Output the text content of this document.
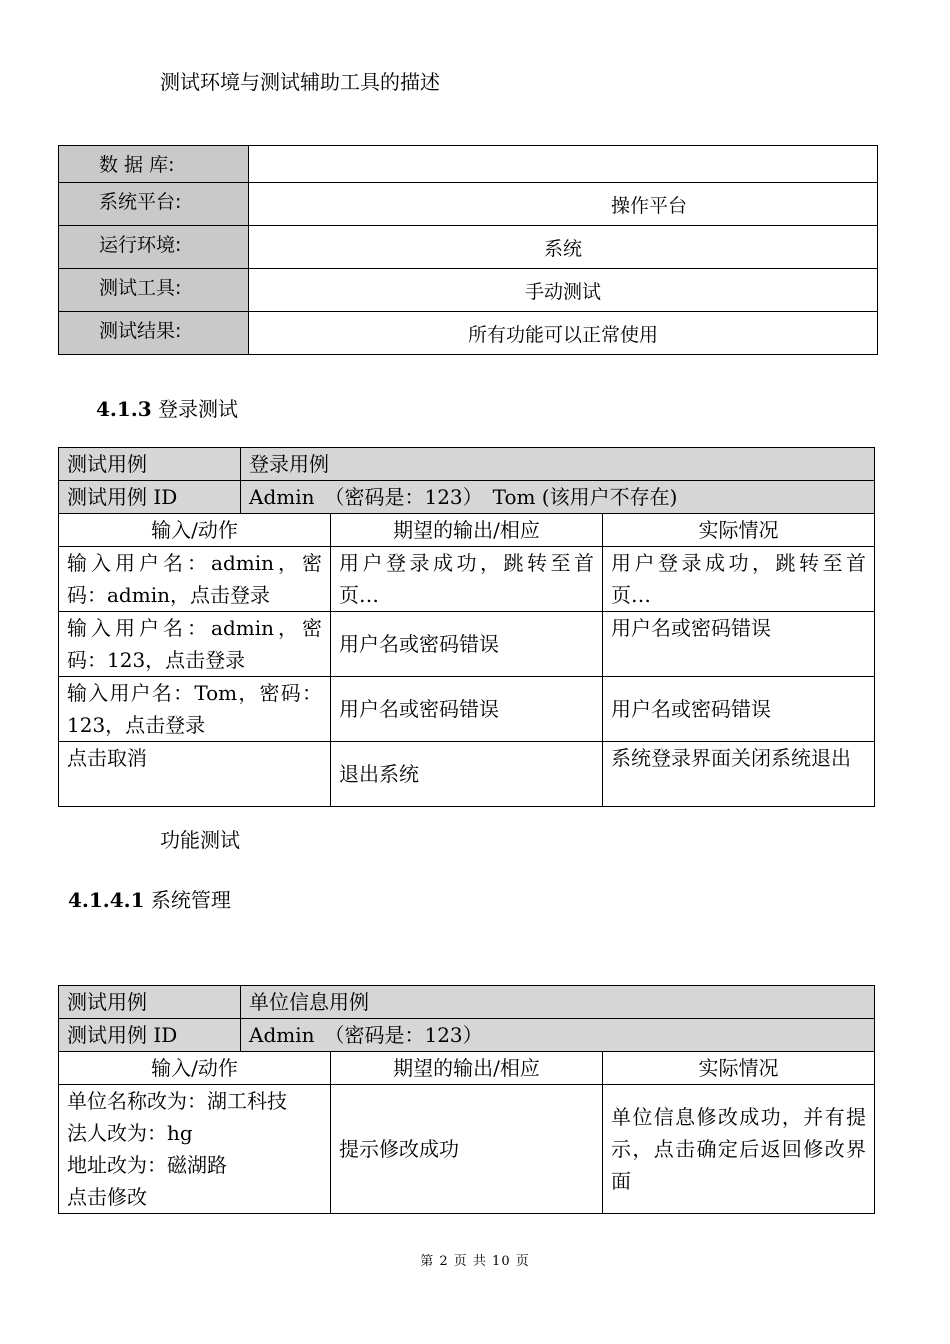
测试环境与测试辅助工具的描述
数 据 库:	
系统平台:	操作平台
运行环境:	系统
测试工具:	手动测试
测试结果:	所有功能可以正常使用
4.1.3 登录测试
测试用例	登录用例		
测试用例 ID	Admin　（密码是：123）　Tom (该用户不存在)		
输入/动作		期望的输出/相应	实际情况
输入用户名：admin，密码：admin，点击登录		用户登录成功，跳转至首页…	用户登录成功，跳转至首页…
输入用户名：admin，密码：123，点击登录		用户名或密码错误	用户名或密码错误
输入用户名：Tom，密码：123，点击登录		用户名或密码错误	用户名或密码错误
点击取消		退出系统	系统登录界面关闭系统退出
功能测试
4.1.4.1 系统管理
测试用例	单位信息用例		
测试用例 ID	Admin　（密码是：123）		
输入/动作		期望的输出/相应	实际情况

单位名称改为：湖工科技
法人改为：hg
地址改为：磁湖路
点击修改		提示修改成功	单位信息修改成功，并有提示，点击确定后返回修改界面
第 2 页 共 10 页
